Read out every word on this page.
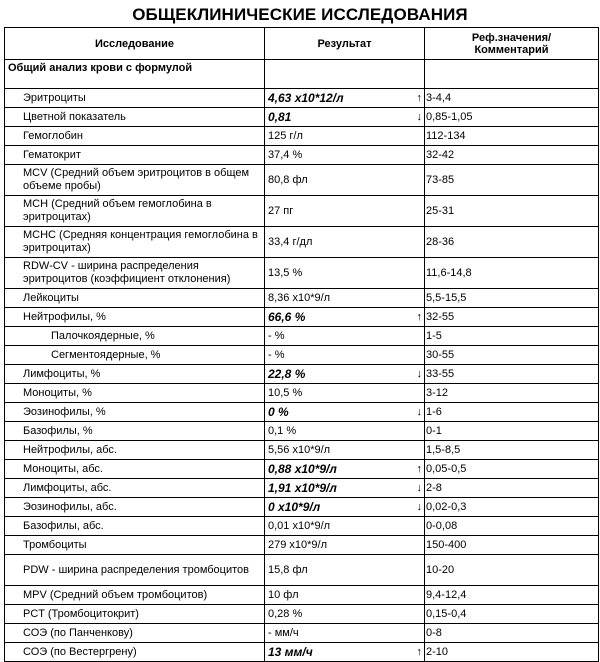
ОБЩЕКЛИНИЧЕСКИЕ ИССЛЕДОВАНИЯ
Исследование	Результат	Реф.значения/
Комментарий
Общий анализ крови с формулой		
Эритроциты	4,63 x10*12/л ↑	3-4,4
Цветной показатель	0,81 ↓	0,85-1,05
Гемоглобин	125 г/л	112-134
Гематокрит	37,4 %	32-42
MCV (Средний объем эритроцитов в общем объеме пробы)	80,8 фл	73-85
MCH (Средний объем гемоглобина в эритроцитах)	27 пг	25-31
MCHC (Средняя концентрация гемоглобина в эритроцитах)	33,4 г/дл	28-36
RDW-CV - ширина распределения эритроцитов (коэффициент отклонения)	13,5 %	11,6-14,8
Лейкоциты	8,36 x10*9/л	5,5-15,5
Нейтрофилы, %	66,6 % ↑	32-55
Палочкоядерные, %	- %	1-5
Сегментоядерные, %	- %	30-55
Лимфоциты, %	22,8 % ↓	33-55
Моноциты, %	10,5 %	3-12
Эозинофилы, %	0 % ↓	1-6
Базофилы, %	0,1 %	0-1
Нейтрофилы, абс.	5,56 x10*9/л	1,5-8,5
Моноциты, абс.	0,88 x10*9/л ↑	0,05-0,5
Лимфоциты, абс.	1,91 x10*9/л ↓	2-8
Эозинофилы, абс.	0 x10*9/л ↓	0,02-0,3
Базофилы, абс.	0,01 x10*9/л	0-0,08
Тромбоциты	279 x10*9/л	150-400
PDW - ширина распределения тромбоцитов	15,8 фл	10-20
MPV (Средний объем тромбоцитов)	10 фл	9,4-12,4
PCT (Тромбоцитокрит)	0,28 %	0,15-0,4
СОЭ (по Панченкову)	- мм/ч	0-8
СОЭ (по Вестергрену)	13 мм/ч ↑	2-10
